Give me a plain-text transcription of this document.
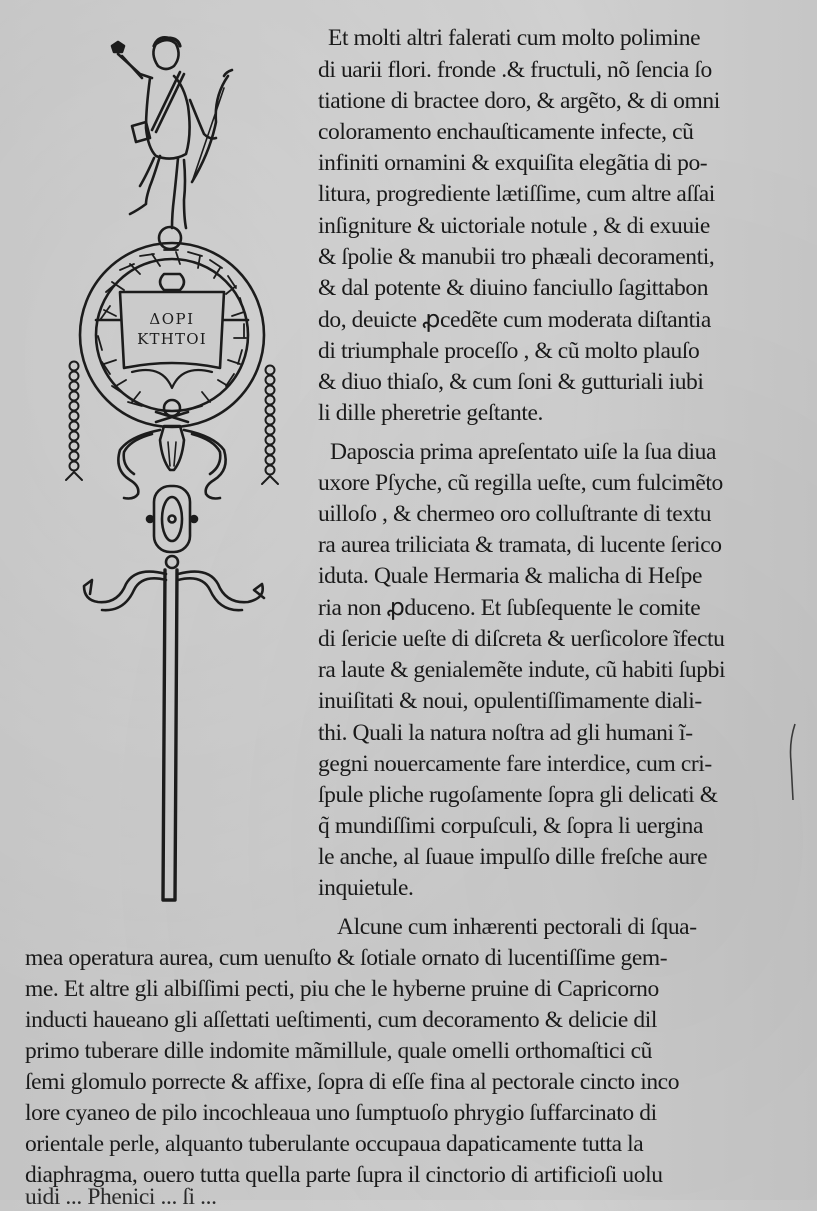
ΔΟΡΙ
ΚΤΗΤΟΙ
Et molti altri falerati cum molto polimine
di uarii flori. fronde .& fructuli, nõ ſencia ſo
tiatione di bractee doro, & argẽto, & di omni
coloramento enchauſticamente infecte, cũ
infiniti ornamini & exquiſita elegãtia di po-
litura, progrediente lætiſſime, cum altre aſſai
inſigniture & uictoriale notule , & di exuuie
& ſpolie & manubii tro phæali decoramenti,
& dal potente & diuino fanciullo ſagittabon
do, deuicte ꝓcedẽte cum moderata diſtantia
di triumphale proceſſo , & cũ molto plauſo
& diuo thiaſo, & cum ſoni & gutturiali iubi
li dille pheretrie geſtante.
Daposcia prima apreſentato uiſe la ſua diua
uxore Pſyche, cũ regilla ueſte, cum fulcimẽto
uilloſo , & chermeo oro colluſtrante di textu
ra aurea triliciata & tramata, di lucente ſerico
iduta. Quale Hermaria & malicha di Heſpe
ria non ꝓduceno. Et ſubſequente le comite
di ſericie ueſte di diſcreta & uerſicolore ĩfectu
ra laute & genialemẽte indute, cũ habiti ſupbi
inuiſitati & noui, opulentiſſimamente diali-
thi. Quali la natura noſtra ad gli humani ĩ-
gegni nouercamente fare interdice, cum cri-
ſpule pliche rugoſamente ſopra gli delicati &
q̃ mundiſſimi corpuſculi, & ſopra li uergina
le anche, al ſuaue impulſo dille freſche aure
inquietule.
Alcune cum inhærenti pectorali di ſqua-
mea operatura aurea, cum uenuſto & ſotiale ornato di lucentiſſime gem-
me. Et altre gli albiſſimi pecti, piu che le hyberne pruine di Capricorno
inducti haueano gli aſſettati ueſtimenti, cum decoramento & delicie dil
primo tuberare dille indomite mãmillule, quale omelli orthomaſtici cũ
ſemi glomulo porrecte & affixe, ſopra di eſſe fina al pectorale cincto inco
lore cyaneo de pilo incochleaua uno ſumptuoſo phrygio ſuffarcinato di
orientale perle, alquanto tuberulante occupaua dapaticamente tutta la
diaphragma, ouero tutta quella parte ſupra il cinctorio di artificioſi uolu
uidi ... Phenici ... ſi ...
